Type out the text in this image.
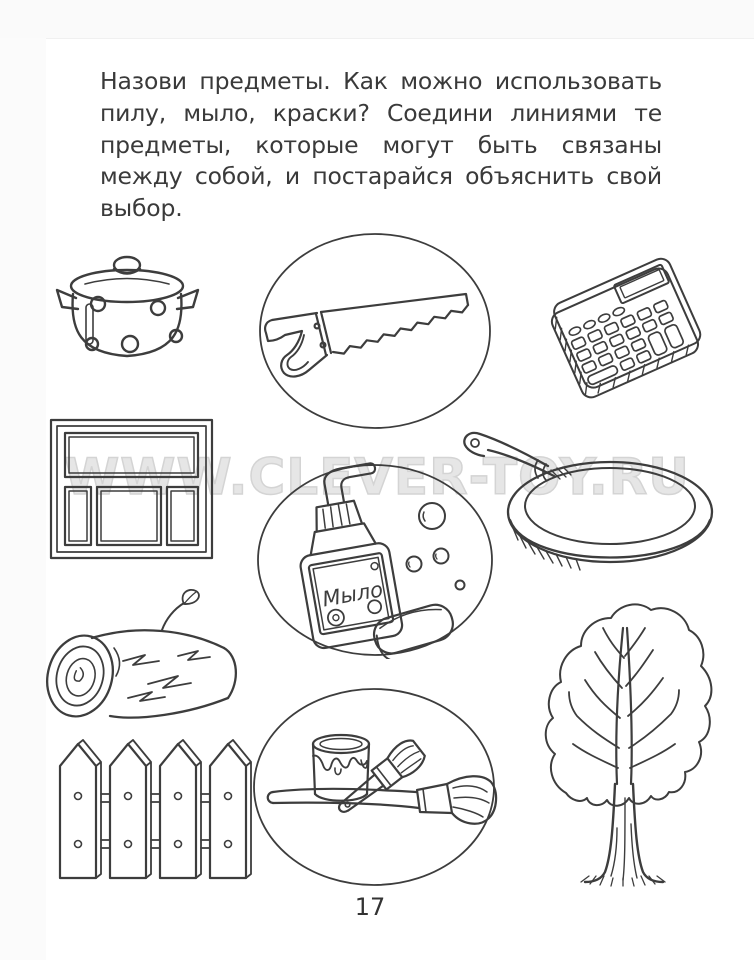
Назови предметы. Как можно использовать
пилу, мыло, краски? Соедини линиями те
предметы, которые могут быть связаны
между собой, и постарайся объяснить свой
выбор.
WWW.CLEVER-TOY.RU
Мыло
17
